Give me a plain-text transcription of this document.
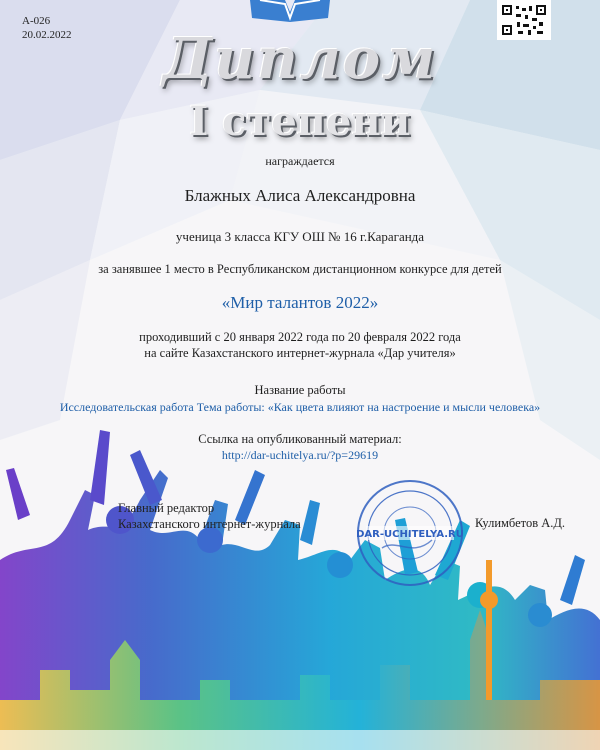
А-026
20.02.2022	Диплом
I степени
награждается
Блажных Алиса Александровна
ученица 3 класса КГУ ОШ № 16 г.Караганда
за занявшее 1 место в Республиканском дистанционном конкурсе для детей
«Мир талантов 2022»
проходивший с 20 января 2022 года по 20 февраля 2022 года
на сайте Казахстанского интернет-журнала «Дар учителя»
Название работы
Исследовательская работа Тема работы: «Как цвета влияют на настроение и мысли человека»
Ссылка на опубликованный материал:
http://dar-uchitelya.ru/?p=29619
Главный редактор
Казахстанского интернет-журнала
DAR-UCHITELYA.RU
Кулимбетов А.Д.
